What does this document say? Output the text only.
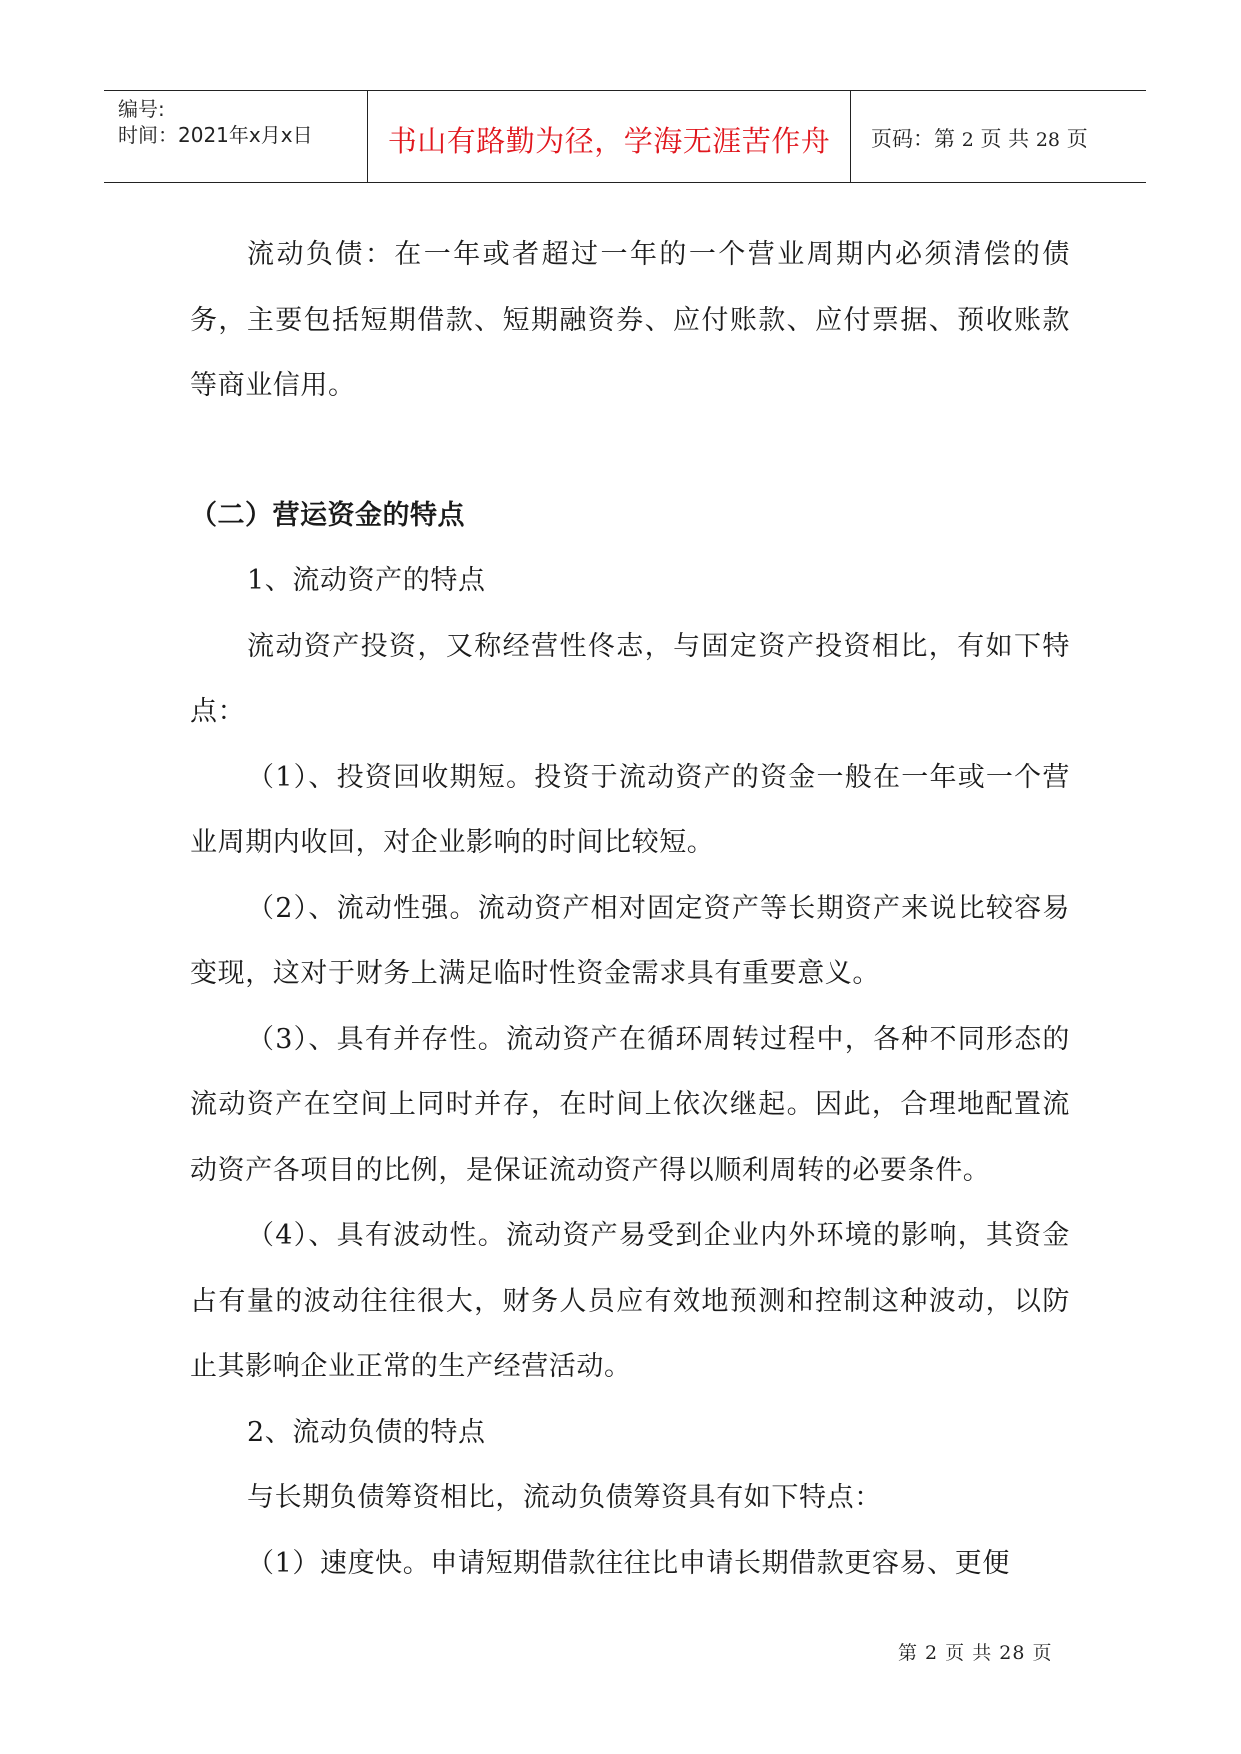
编号:
时间：2021年x月x日	书山有路勤为径，学海无涯苦作舟	页码：第 2 页 共 28 页

流动负债：在一年或者超过一年的一个营业周期内必须清偿的债务，主要包括短期借款、短期融资券、应付账款、应付票据、预收账款等商业信用。

（二）营运资金的特点

1、流动资产的特点

流动资产投资，又称经营性佟志，与固定资产投资相比，有如下特点：

（1）、投资回收期短。投资于流动资产的资金一般在一年或一个营业周期内收回，对企业影响的时间比较短。

（2）、流动性强。流动资产相对固定资产等长期资产来说比较容易变现，这对于财务上满足临时性资金需求具有重要意义。

（3）、具有并存性。流动资产在循环周转过程中，各种不同形态的流动资产在空间上同时并存，在时间上依次继起。因此，合理地配置流动资产各项目的比例，是保证流动资产得以顺利周转的必要条件。

（4）、具有波动性。流动资产易受到企业内外环境的影响，其资金占有量的波动往往很大，财务人员应有效地预测和控制这种波动，以防止其影响企业正常的生产经营活动。

2、流动负债的特点

与长期负债筹资相比，流动负债筹资具有如下特点：

（1）速度快。申请短期借款往往比申请长期借款更容易、更便

第 2 页 共 28 页
